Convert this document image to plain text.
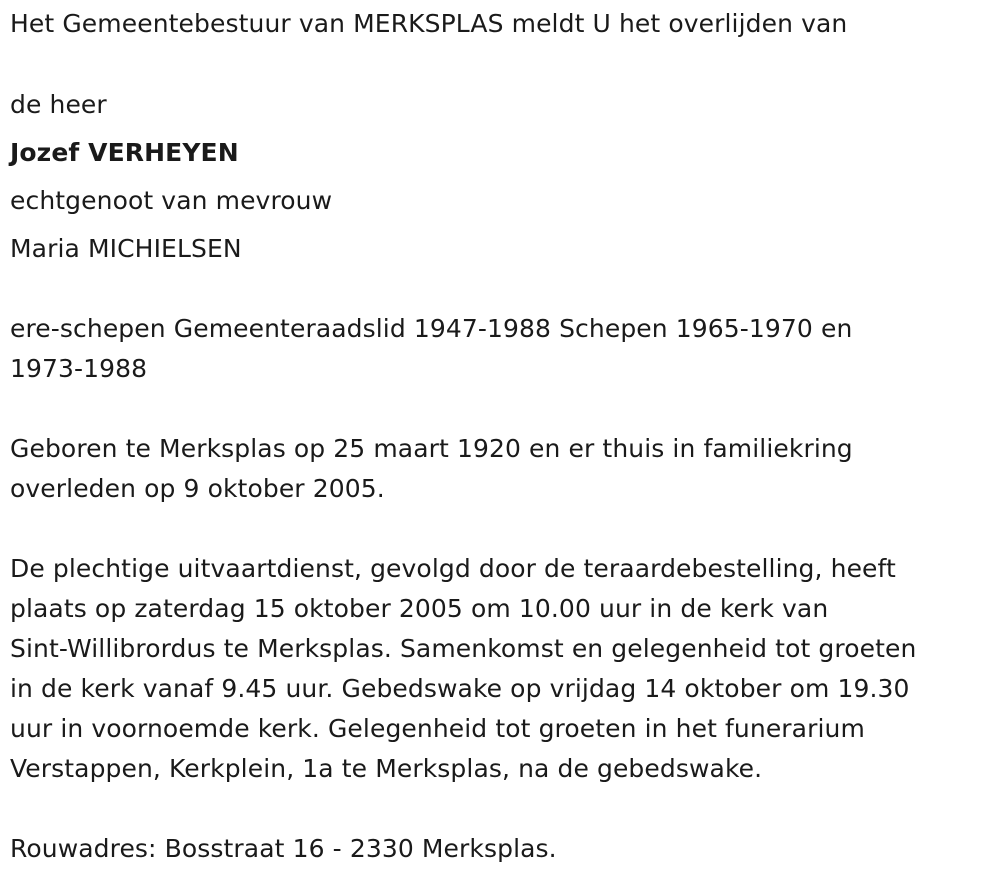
Het Gemeentebestuur van MERKSPLAS meldt U het overlijden van
de heer
Jozef VERHEYEN
echtgenoot van mevrouw
Maria MICHIELSEN
ere-schepen Gemeenteraadslid 1947-1988 Schepen 1965-1970 en
1973-1988
Geboren te Merksplas op 25 maart 1920 en er thuis in familiekring
overleden op 9 oktober 2005.
De plechtige uitvaartdienst, gevolgd door de teraardebestelling, heeft
plaats op zaterdag 15 oktober 2005 om 10.00 uur in de kerk van
Sint-Willibrordus te Merksplas. Samenkomst en gelegenheid tot groeten
in de kerk vanaf 9.45 uur. Gebedswake op vrijdag 14 oktober om 19.30
uur in voornoemde kerk. Gelegenheid tot groeten in het funerarium
Verstappen, Kerkplein, 1a te Merksplas, na de gebedswake.
Rouwadres: Bosstraat 16 - 2330 Merksplas.
